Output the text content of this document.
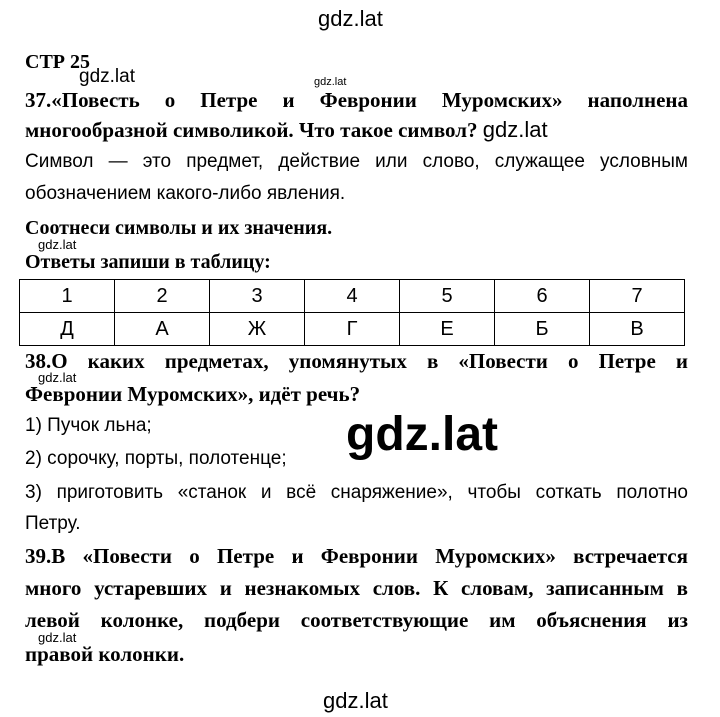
gdz.lat
gdz.lat	gdz.lat
СТР 25
37.«Повесть о Петре и Февронии Муромских» наполнена
многообразной символикой. Что такое символ? gdz.lat
Символ — это предмет, действие или слово, служащее условным
обозначением какого-либо явления.
Соотнеси символы и их значения.
gdz.lat
Ответы запиши в таблицу:
1	2	3	4	5	6	7
Д	А	Ж	Г	Е	Б	В
38.О каких предметах, упомянутых в «Повести о Петре и
gdz.lat
Февронии Муромских», идёт речь?
1) Пучок льна;	gdz.lat
2) сорочку, порты, полотенце;
3) приготовить «станок и всё снаряжение», чтобы соткать полотно
Петру.
39.В «Повести о Петре и Февронии Муромских» встречается
много устаревших и незнакомых слов. К словам, записанным в
левой колонке, подбери соответствующие им объяснения из
gdz.lat
правой колонки.
gdz.lat
